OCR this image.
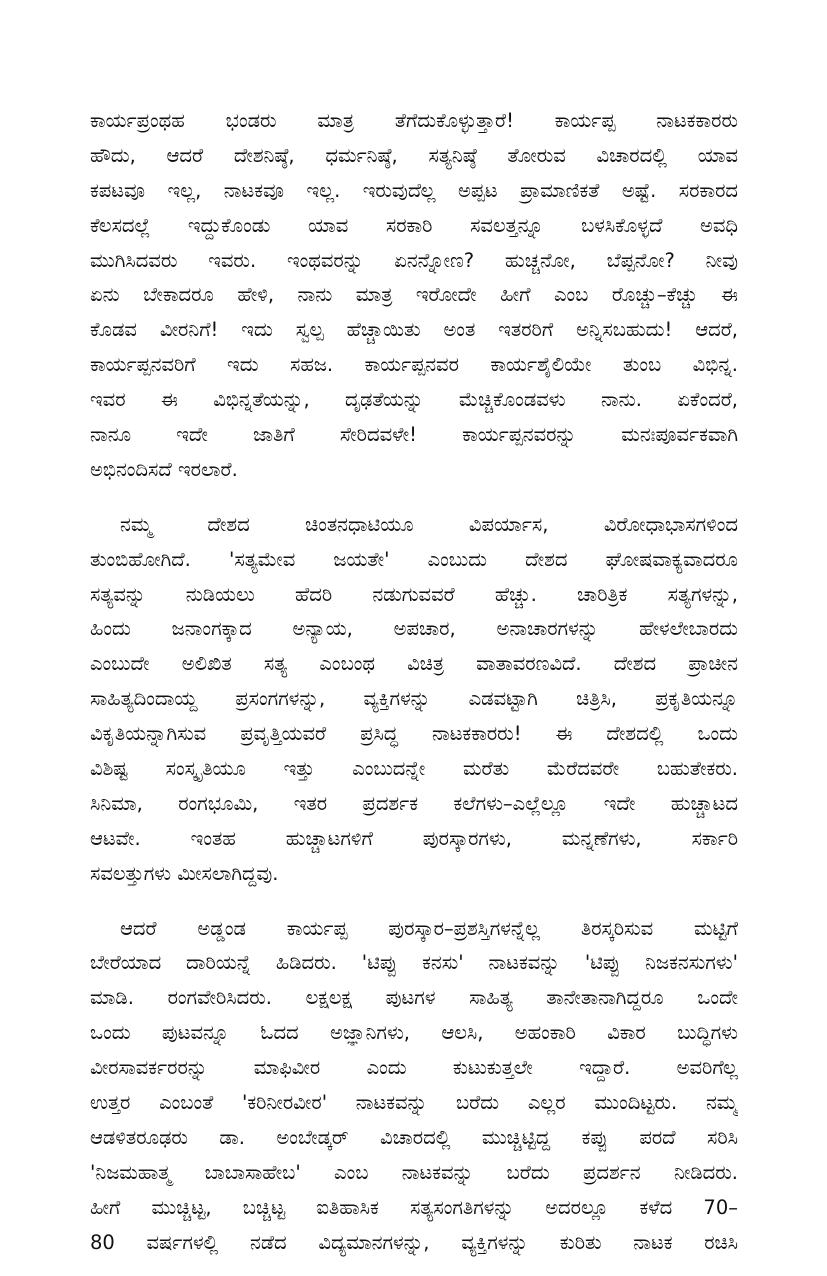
ಕಾರ್ಯಪ್ರಂಥಹ ಭಂಡರು ಮಾತ್ರ ತೆಗೆದುಕೊಳ್ಳುತ್ತಾರೆ! ಕಾರ್ಯಪ್ಪ ನಾಟಕಕಾರರು
ಹೌದು, ಆದರೆ ದೇಶನಿಷ್ಠೆ, ಧರ್ಮನಿಷ್ಠೆ, ಸತ್ಯನಿಷ್ಠೆ ತೋರುವ ವಿಚಾರದಲ್ಲಿ ಯಾವ
ಕಪಟವೂ ಇಲ್ಲ, ನಾಟಕವೂ ಇಲ್ಲ. ಇರುವುದೆಲ್ಲ ಅಪ್ಪಟ ಪ್ರಾಮಾಣಿಕತೆ ಅಷ್ಟೆ. ಸರಕಾರದ
ಕೆಲಸದಲ್ಲೆ ಇದ್ದುಕೊಂಡು ಯಾವ ಸರಕಾರಿ ಸವಲತ್ತನ್ನೂ ಬಳಸಿಕೊಳ್ಳದೆ ಅವಧಿ
ಮುಗಿಸಿದವರು ಇವರು. ಇಂಥವರನ್ನು ಏನನ್ನೋಣ? ಹುಚ್ಚನೋ, ಬೆಪ್ಪನೋ? ನೀವು
ಏನು ಬೇಕಾದರೂ ಹೇಳಿ, ನಾನು ಮಾತ್ರ ಇರೋದೇ ಹೀಗೆ ಎಂಬ ರೊಚ್ಚು–ಕೆಚ್ಚು ಈ
ಕೊಡವ ವೀರನಿಗೆ! ಇದು ಸ್ವಲ್ಪ ಹೆಚ್ಚಾಯಿತು ಅಂತ ಇತರರಿಗೆ ಅನ್ನಿಸಬಹುದು! ಆದರೆ,
ಕಾರ್ಯಪ್ಪನವರಿಗೆ ಇದು ಸಹಜ. ಕಾರ್ಯಪ್ಪನವರ ಕಾರ್ಯಶೈಲಿಯೇ ತುಂಬ ವಿಭಿನ್ನ.
ಇವರ ಈ ವಿಭಿನ್ನತೆಯನ್ನು, ದೃಢತೆಯನ್ನು ಮೆಚ್ಚಿಕೊಂಡವಳು ನಾನು. ಏಕೆಂದರೆ,
ನಾನೂ ಇದೇ ಜಾತಿಗೆ ಸೇರಿದವಳೇ! ಕಾರ್ಯಪ್ಪನವರನ್ನು ಮನಃಪೂರ್ವಕವಾಗಿ
ಅಭಿನಂದಿಸದೆ ಇರಲಾರೆ.
ನಮ್ಮ ದೇಶದ ಚಿಂತನಧಾಟಿಯೂ ವಿಪರ್ಯಾಸ, ವಿರೋಧಾಭಾಸಗಳಿಂದ
ತುಂಬಿಹೋಗಿದೆ. 'ಸತ್ಯಮೇವ ಜಯತೇ' ಎಂಬುದು ದೇಶದ ಘೋಷವಾಕ್ಯವಾದರೂ
ಸತ್ಯವನ್ನು ನುಡಿಯಲು ಹೆದರಿ ನಡುಗುವವರೆ ಹೆಚ್ಚು. ಚಾರಿತ್ರಿಕ ಸತ್ಯಗಳನ್ನು,
ಹಿಂದು ಜನಾಂಗಕ್ಕಾದ ಅನ್ಯಾಯ, ಅಪಚಾರ, ಅನಾಚಾರಗಳನ್ನು ಹೇಳಲೇಬಾರದು
ಎಂಬುದೇ ಅಲಿಖಿತ ಸತ್ಯ ಎಂಬಂಥ ವಿಚಿತ್ರ ವಾತಾವರಣವಿದೆ. ದೇಶದ ಪ್ರಾಚೀನ
ಸಾಹಿತ್ಯದಿಂದಾಯ್ದ ಪ್ರಸಂಗಗಳನ್ನು, ವ್ಯಕ್ತಿಗಳನ್ನು ಎಡವಟ್ಟಾಗಿ ಚಿತ್ರಿಸಿ, ಪ್ರಕೃತಿಯನ್ನೂ
ವಿಕೃತಿಯನ್ನಾಗಿಸುವ ಪ್ರವೃತ್ತಿಯವರೆ ಪ್ರಸಿದ್ಧ ನಾಟಕಕಾರರು! ಈ ದೇಶದಲ್ಲಿ ಒಂದು
ವಿಶಿಷ್ಟ ಸಂಸ್ಕೃತಿಯೂ ಇತ್ತು ಎಂಬುದನ್ನೇ ಮರೆತು ಮೆರೆದವರೇ ಬಹುತೇಕರು.
ಸಿನಿಮಾ, ರಂಗಭೂಮಿ, ಇತರ ಪ್ರದರ್ಶಕ ಕಲೆಗಳು–ಎಲ್ಲೆಲ್ಲೂ ಇದೇ ಹುಚ್ಚಾಟದ
ಆಟವೇ. ಇಂತಹ ಹುಚ್ಚಾಟಗಳಿಗೆ ಪುರಸ್ಕಾರಗಳು, ಮನ್ನಣೆಗಳು, ಸರ್ಕಾರಿ
ಸವಲತ್ತುಗಳು ಮೀಸಲಾಗಿದ್ದವು.
ಆದರೆ ಅಡ್ಡಂಡ ಕಾರ್ಯಪ್ಪ ಪುರಸ್ಕಾರ–ಪ್ರಶಸ್ತಿಗಳನ್ನೆಲ್ಲ ತಿರಸ್ಕರಿಸುವ ಮಟ್ಟಿಗೆ
ಬೇರೆಯಾದ ದಾರಿಯನ್ನೆ ಹಿಡಿದರು. 'ಟಿಪ್ಪು ಕನಸು' ನಾಟಕವನ್ನು 'ಟಿಪ್ಪು ನಿಜಕನಸುಗಳು'
ಮಾಡಿ. ರಂಗವೇರಿಸಿದರು. ಲಕ್ಷಲಕ್ಷ ಪುಟಗಳ ಸಾಹಿತ್ಯ ತಾನೇತಾನಾಗಿದ್ದರೂ ಒಂದೇ
ಒಂದು ಪುಟವನ್ನೂ ಓದದ ಅಜ್ಞಾನಿಗಳು, ಆಲಸಿ, ಅಹಂಕಾರಿ ವಿಕಾರ ಬುದ್ಧಿಗಳು
ವೀರಸಾವರ್ಕರರನ್ನು ಮಾಫಿವೀರ ಎಂದು ಕುಟುಕುತ್ತಲೇ ಇದ್ದಾರೆ. ಅವರಿಗೆಲ್ಲ
ಉತ್ತರ ಎಂಬಂತೆ 'ಕರಿನೀರವೀರ' ನಾಟಕವನ್ನು ಬರೆದು ಎಲ್ಲರ ಮುಂದಿಟ್ಟರು. ನಮ್ಮ
ಆಡಳಿತರೂಢರು ಡಾ. ಅಂಬೇಡ್ಕರ್ ವಿಚಾರದಲ್ಲಿ ಮುಚ್ಚಿಟ್ಟಿದ್ದ ಕಪ್ಪು ಪರದೆ ಸರಿಸಿ
'ನಿಜಮಹಾತ್ಮ ಬಾಬಾಸಾಹೇಬ' ಎಂಬ ನಾಟಕವನ್ನು ಬರೆದು ಪ್ರದರ್ಶನ ನೀಡಿದರು.
ಹೀಗೆ ಮುಚ್ಚಿಟ್ಟ, ಬಚ್ಚಿಟ್ಟ ಐತಿಹಾಸಿಕ ಸತ್ಯಸಂಗತಿಗಳನ್ನು ಅದರಲ್ಲೂ ಕಳೆದ 70–
80 ವರ್ಷಗಳಲ್ಲಿ ನಡೆದ ವಿದ್ಯಮಾನಗಳನ್ನು, ವ್ಯಕ್ತಿಗಳನ್ನು ಕುರಿತು ನಾಟಕ ರಚಿಸಿ
